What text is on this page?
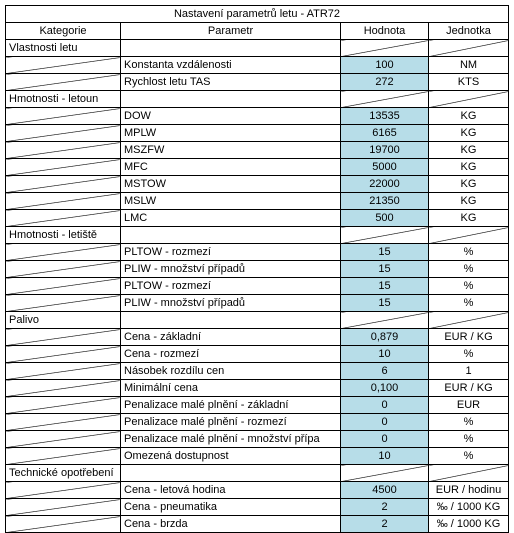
Nastavení parametrů letu - ATR72			
Kategorie	Parametr	Hodnota	Jednotka
Vlastnosti letu			
	Konstanta vzdálenosti	100	NM
	Rychlost letu TAS	272	KTS
Hmotnosti - letoun			
	DOW	13535	KG
	MPLW	6165	KG
	MSZFW	19700	KG
	MFC	5000	KG
	MSTOW	22000	KG
	MSLW	21350	KG
	LMC	500	KG
Hmotnosti - letiště			
	PLTOW - rozmezí	15	%
	PLIW - množství případů	15	%
	PLTOW - rozmezí	15	%
	PLIW - množství případů	15	%
Palivo			
	Cena - základní	0,879	EUR / KG
	Cena - rozmezí	10	%
	Násobek rozdílu cen	6	1
	Minimální cena	0,100	EUR / KG
	Penalizace malé plnění - základní	0	EUR
	Penalizace malé plnění - rozmezí	0	%
	Penalizace malé plnění - množství přípa	0	%
	Omezená dostupnost	10	%
Technické opotřebení			
	Cena - letová hodina	4500	EUR / hodinu
	Cena - pneumatika	2	‰ / 1000 KG
	Cena - brzda	2	‰ / 1000 KG
